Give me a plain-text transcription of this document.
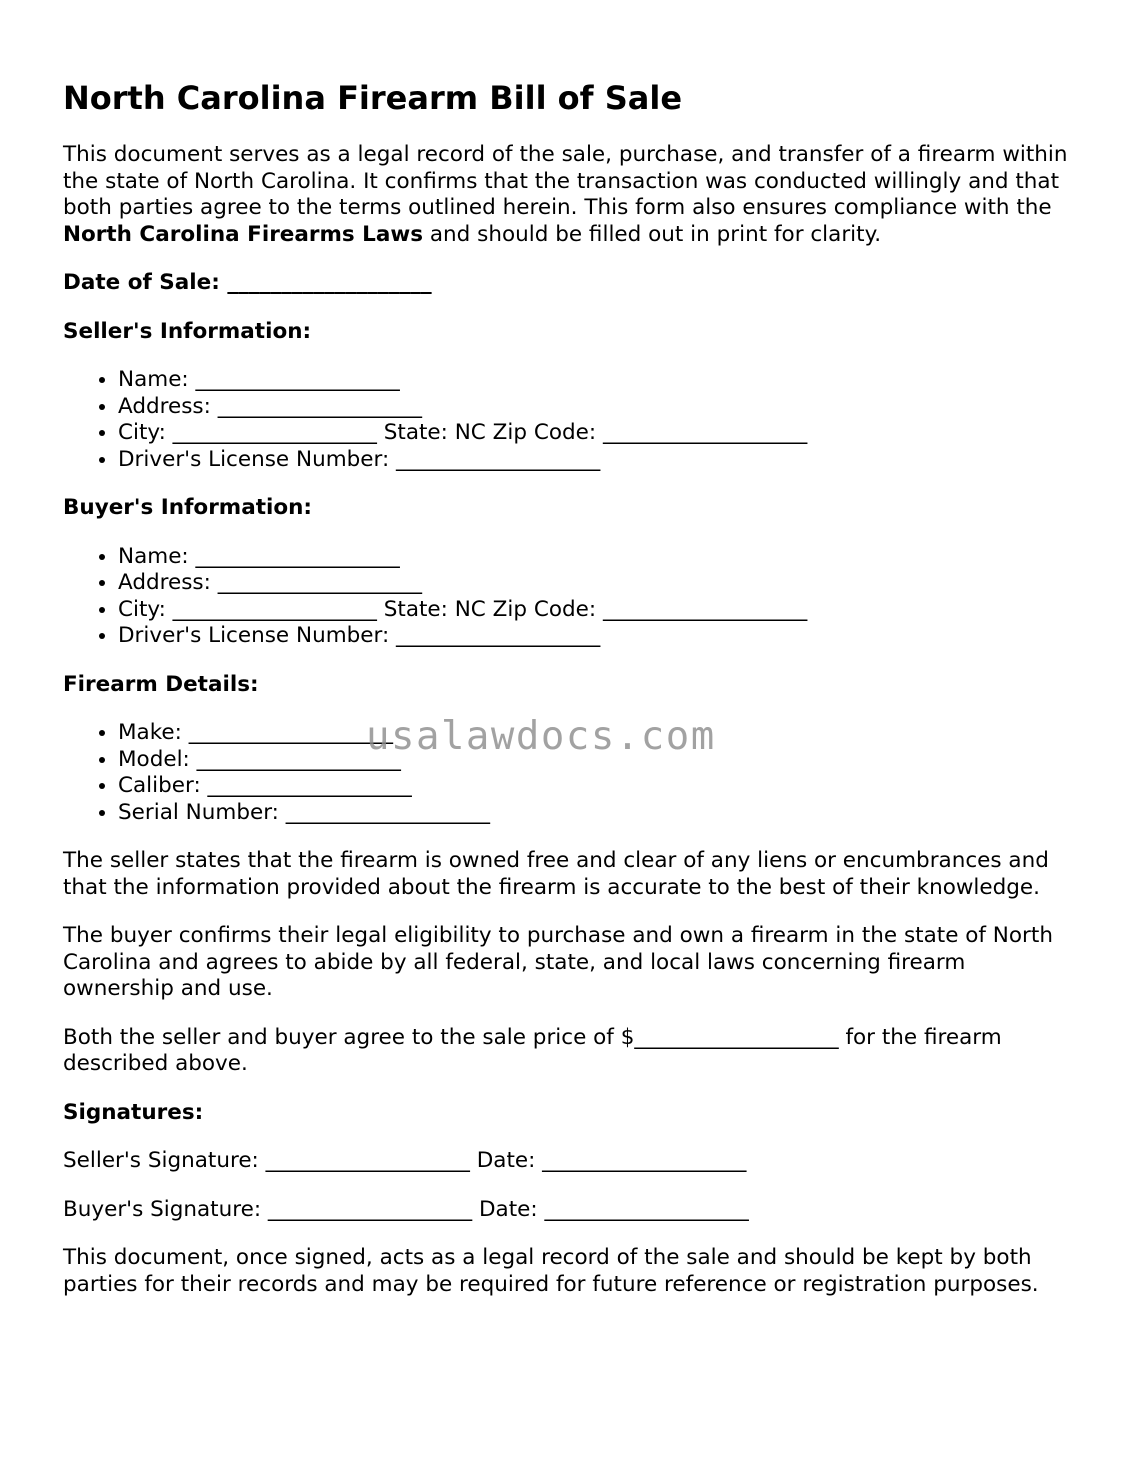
North Carolina Firearm Bill of Sale

This document serves as a legal record of the sale, purchase, and transfer of a firearm within the state of North Carolina. It confirms that the transaction was conducted willingly and that both parties agree to the terms outlined herein. This form also ensures compliance with the North Carolina Firearms Laws and should be filled out in print for clarity.

Date of Sale: ___________________
Seller's Information:
• Name: ___________________
• Address: ___________________
• City: ___________________ State: NC Zip Code: ___________________
• Driver's License Number: ___________________
Buyer's Information:
• Name: ___________________
• Address: ___________________
• City: ___________________ State: NC Zip Code: ___________________
• Driver's License Number: ___________________
Firearm Details:
• Make: ___________________
• Model: ___________________
• Caliber: ___________________
• Serial Number: ___________________

The seller states that the firearm is owned free and clear of any liens or encumbrances and that the information provided about the firearm is accurate to the best of their knowledge.

The buyer confirms their legal eligibility to purchase and own a firearm in the state of North Carolina and agrees to abide by all federal, state, and local laws concerning firearm ownership and use.

Both the seller and buyer agree to the sale price of $___________________ for the firearm described above.

Signatures:
Seller's Signature: ___________________ Date: ___________________
Buyer's Signature: ___________________ Date: ___________________

This document, once signed, acts as a legal record of the sale and should be kept by both parties for their records and may be required for future reference or registration purposes.

usalawdocs.com
